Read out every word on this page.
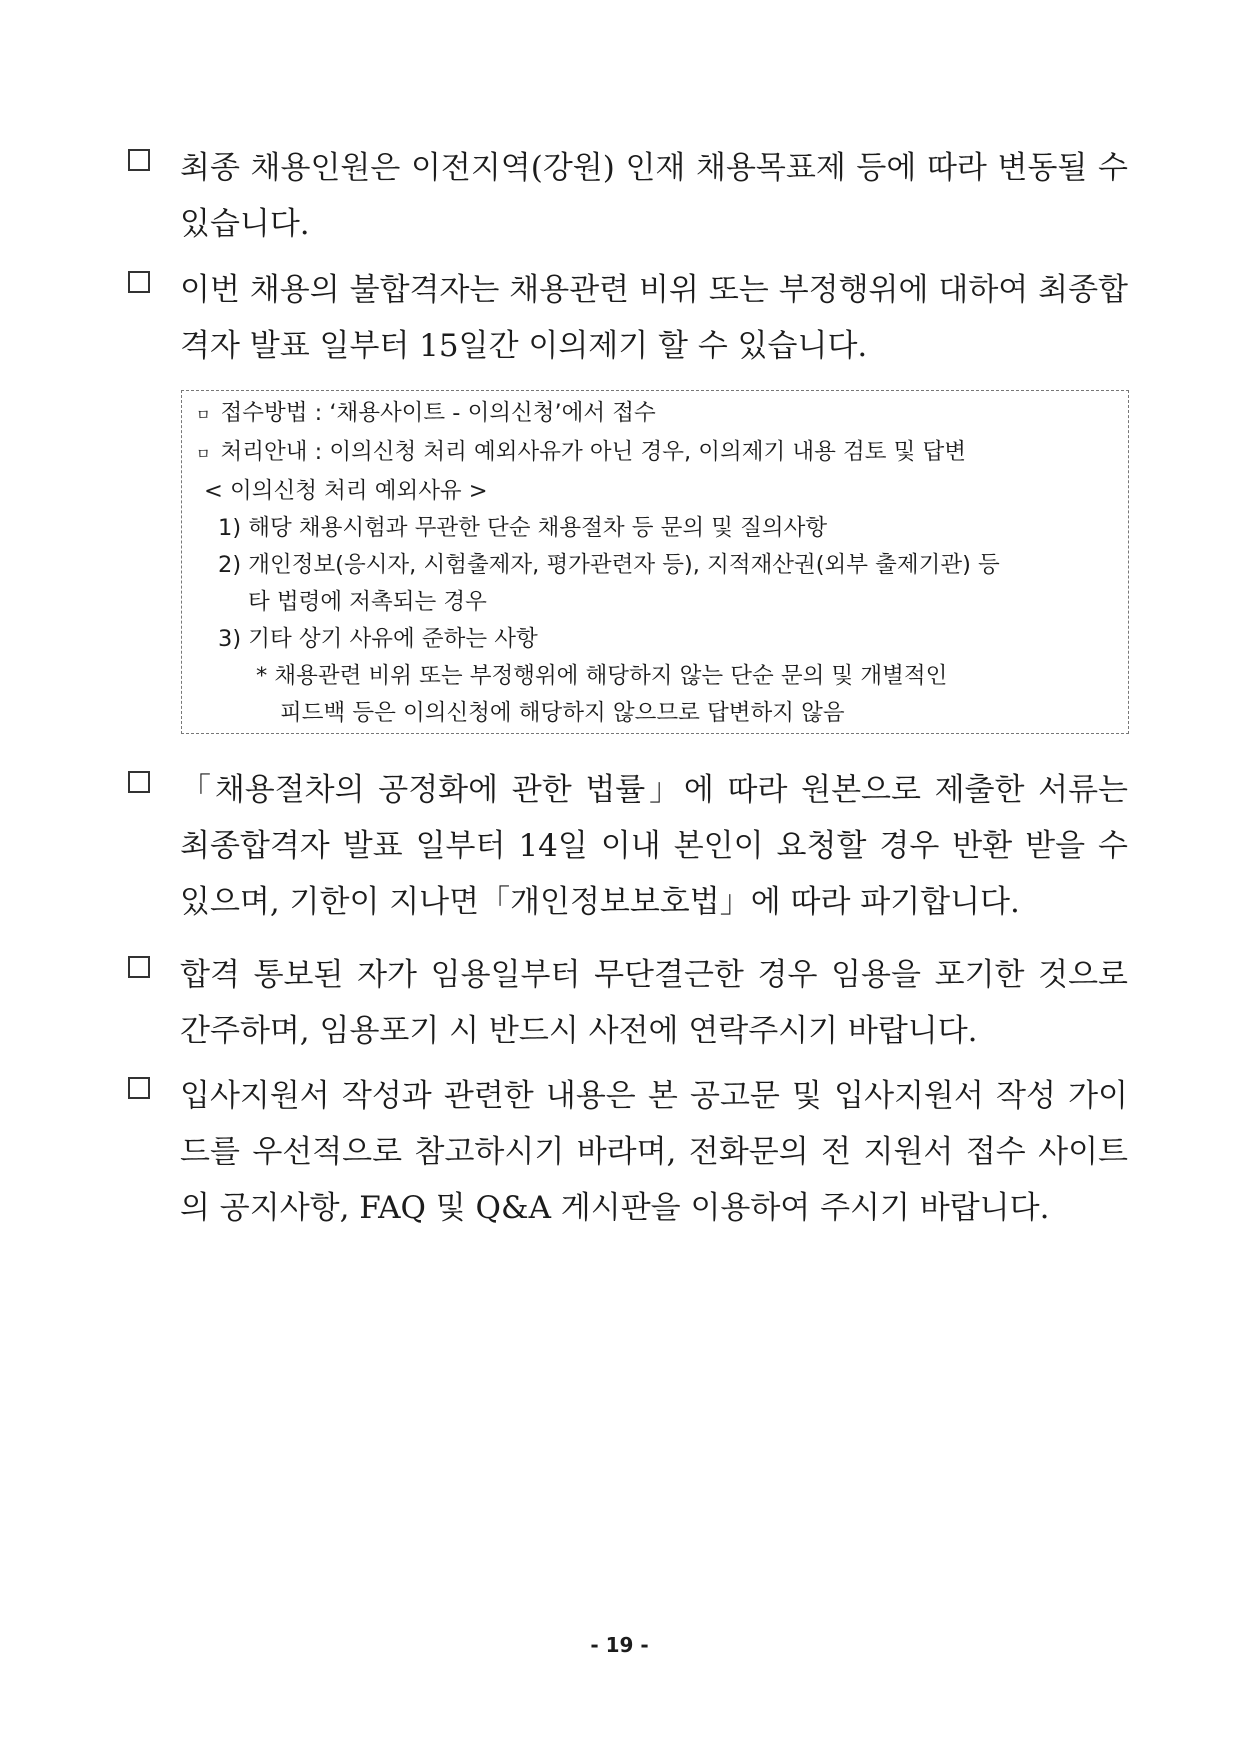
최종 채용인원은 이전지역(강원) 인재 채용목표제 등에 따라 변동될 수 있습니다.
이번 채용의 불합격자는 채용관련 비위 또는 부정행위에 대하여 최종합격자 발표 일부터 15일간 이의제기 할 수 있습니다.
ㅁ 접수방법 : ‘채용사이트 - 이의신청’에서 접수
ㅁ 처리안내 : 이의신청 처리 예외사유가 아닌 경우, 이의제기 내용 검토 및 답변
< 이의신청 처리 예외사유 >
1) 해당 채용시험과 무관한 단순 채용절차 등 문의 및 질의사항
2) 개인정보(응시자, 시험출제자, 평가관련자 등), 지적재산권(외부 출제기관) 등
타 법령에 저촉되는 경우
3) 기타 상기 사유에 준하는 사항
* 채용관련 비위 또는 부정행위에 해당하지 않는 단순 문의 및 개별적인
피드백 등은 이의신청에 해당하지 않으므로 답변하지 않음
「채용절차의 공정화에 관한 법률」에 따라 원본으로 제출한 서류는 최종합격자 발표 일부터 14일 이내 본인이 요청할 경우 반환 받을 수 있으며, 기한이 지나면「개인정보보호법」에 따라 파기합니다.
합격 통보된 자가 임용일부터 무단결근한 경우 임용을 포기한 것으로 간주하며, 임용포기 시 반드시 사전에 연락주시기 바랍니다.
입사지원서 작성과 관련한 내용은 본 공고문 및 입사지원서 작성 가이드를 우선적으로 참고하시기 바라며, 전화문의 전 지원서 접수 사이트의 공지사항, FAQ 및 Q&A 게시판을 이용하여 주시기 바랍니다.
- 19 -
